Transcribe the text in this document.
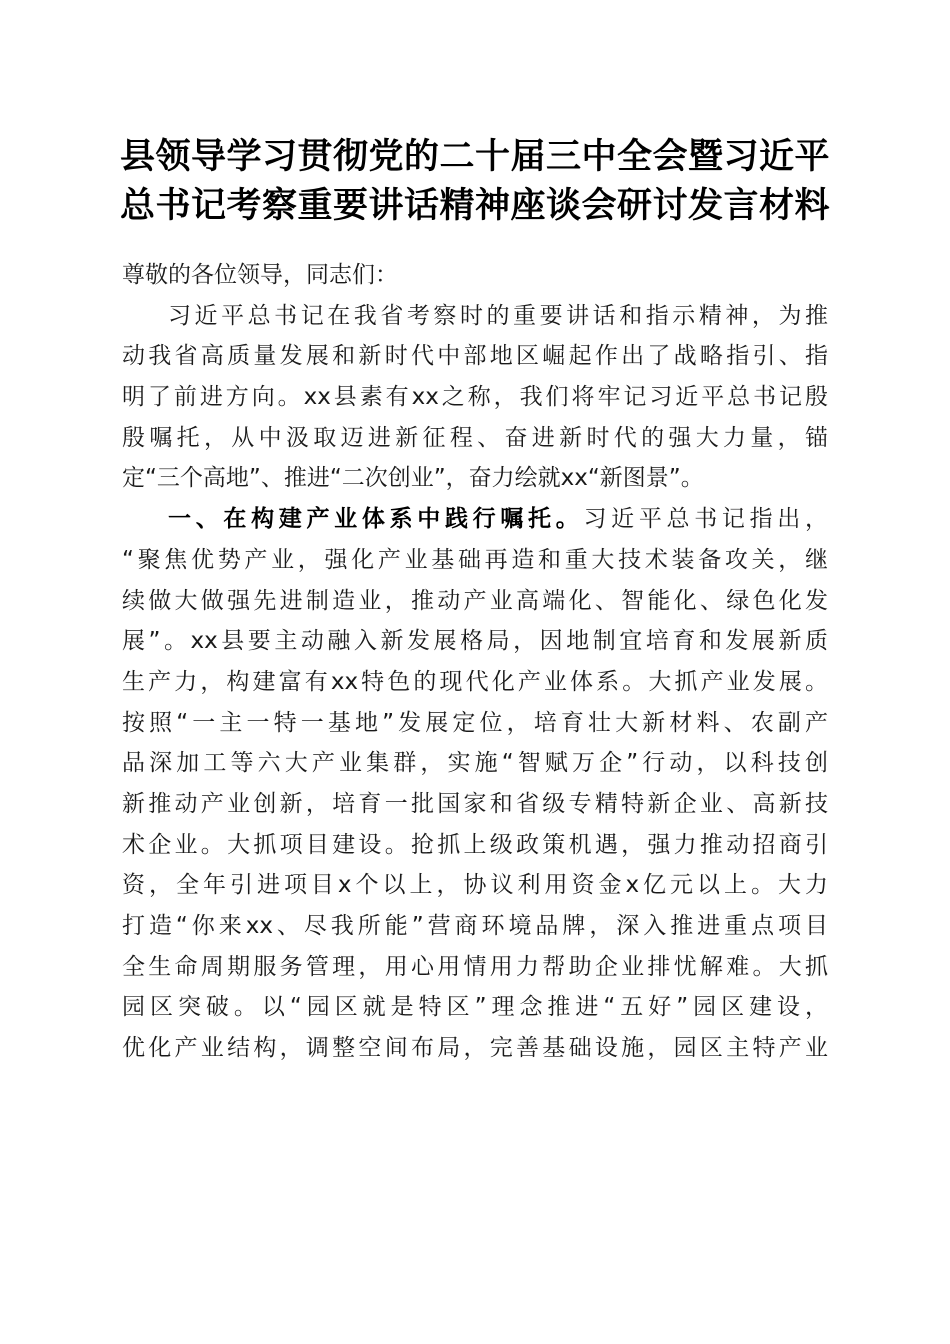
县领导学习贯彻党的二十届三中全会暨习近平
总书记考察重要讲话精神座谈会研讨发言材料
尊敬的各位领导，同志们：
习近平总书记在我省考察时的重要讲话和指示精神，为推
动我省高质量发展和新时代中部地区崛起作出了战略指引、指
明了前进方向。xx县素有xx之称，我们将牢记习近平总书记殷
殷嘱托，从中汲取迈进新征程、奋进新时代的强大力量，锚
定“三个高地”、推进“二次创业”，奋力绘就xx“新图景”。
一、在构建产业体系中践行嘱托。习近平总书记指出，
“聚焦优势产业，强化产业基础再造和重大技术装备攻关，继
续做大做强先进制造业，推动产业高端化、智能化、绿色化发
展”。xx县要主动融入新发展格局，因地制宜培育和发展新质
生产力，构建富有xx特色的现代化产业体系。大抓产业发展。
按照“一主一特一基地”发展定位，培育壮大新材料、农副产
品深加工等六大产业集群，实施“智赋万企”行动，以科技创
新推动产业创新，培育一批国家和省级专精特新企业、高新技
术企业。大抓项目建设。抢抓上级政策机遇，强力推动招商引
资，全年引进项目x个以上，协议利用资金x亿元以上。大力
打造“你来xx、尽我所能”营商环境品牌，深入推进重点项目
全生命周期服务管理，用心用情用力帮助企业排忧解难。大抓
园区突破。以“园区就是特区”理念推进“五好”园区建设，
优化产业结构，调整空间布局，完善基础设施，园区主特产业
